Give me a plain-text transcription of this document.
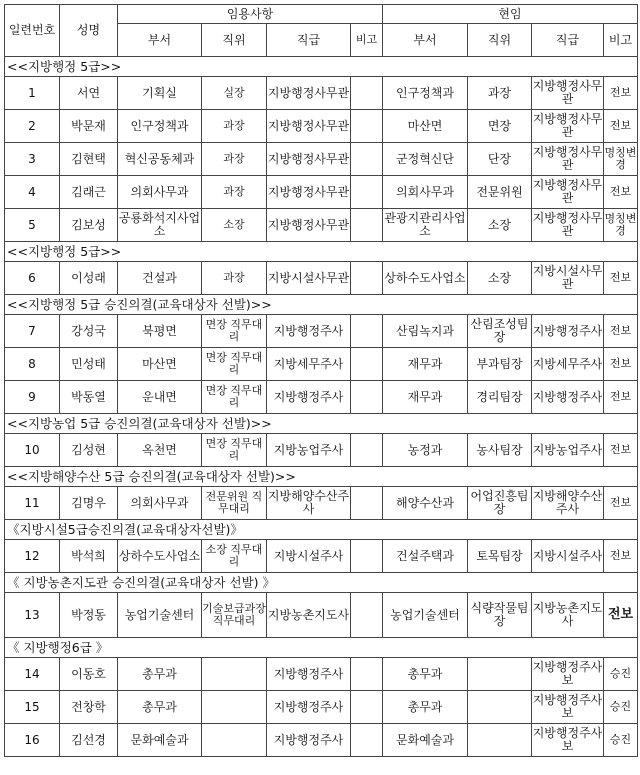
일련번호	성명	임용사항				현임			
		부서	직위	직급	비고	부서	직위	직급	비고
<<지방행정 5급>>									
1	서연	기획실	실장	지방행정사무관		인구정책과	과장	지방행정사무관	전보
2	박문재	인구정책과	과장	지방행정사무관		마산면	면장	지방행정사무관	전보
3	김현택	혁신공동체과	과장	지방행정사무관		군정혁신단	단장	지방행정사무관	명칭변경
4	김래근	의회사무과	과장	지방행정사무관		의회사무과	전문위원	지방행정사무관	전보
5	김보성	공룡화석지사업소	소장	지방행정사무관		관광지관리사업소	소장	지방행정사무관	명칭변경
<<지방행정 5급>>									
6	이성래	건설과	과장	지방시설사무관		상하수도사업소	소장	지방시설사무관	전보
<<지방행정 5급 승진의결(교육대상자 선발)>>									
7	강성국	북평면	면장 직무대리	지방행정주사		산림녹지과	산림조성팀장	지방행정주사	전보
8	민성태	마산면	면장 직무대리	지방세무주사		재무과	부과팀장	지방세무주사	전보
9	박동열	운내면	면장 직무대리	지방행정주사		재무과	경리팀장	지방행정주사	전보
<<지방농업 5급 승진의결(교육대상자 선발)>>									
10	김성현	옥천면	면장 직무대리	지방농업주사		농정과	농사팀장	지방농업주사	전보
<<지방해양수산 5급 승진의결(교육대상자 선발)>>									
11	김명우	의회사무과	전문위원 직무대리	지방해양수산주사		해양수산과	어업진흥팀장	지방해양수산주사	전보
《지방시설5급승진의결(교육대상자선발)》									
12	박석희	상하수도사업소	소장 직무대리	지방시설주사		건설주택과	토목팀장	지방시설주사	전보
《 지방농촌지도관 승진의결(교육대상자 선발) 》									
13	박정동	농업기술센터	기술보급과장 직무대리	지방농촌지도사		농업기술센터	식량작물팀장	지방농촌지도사	전보
《 지방행정6급 》									
14	이동호	총무과		지방행정주사		총무과		지방행정주사보	승진
15	전창학	총무과		지방행정주사		총무과		지방행정주사보	승진
16	김선경	문화예술과		지방행정주사		문화예술과		지방행정주사보	승진
